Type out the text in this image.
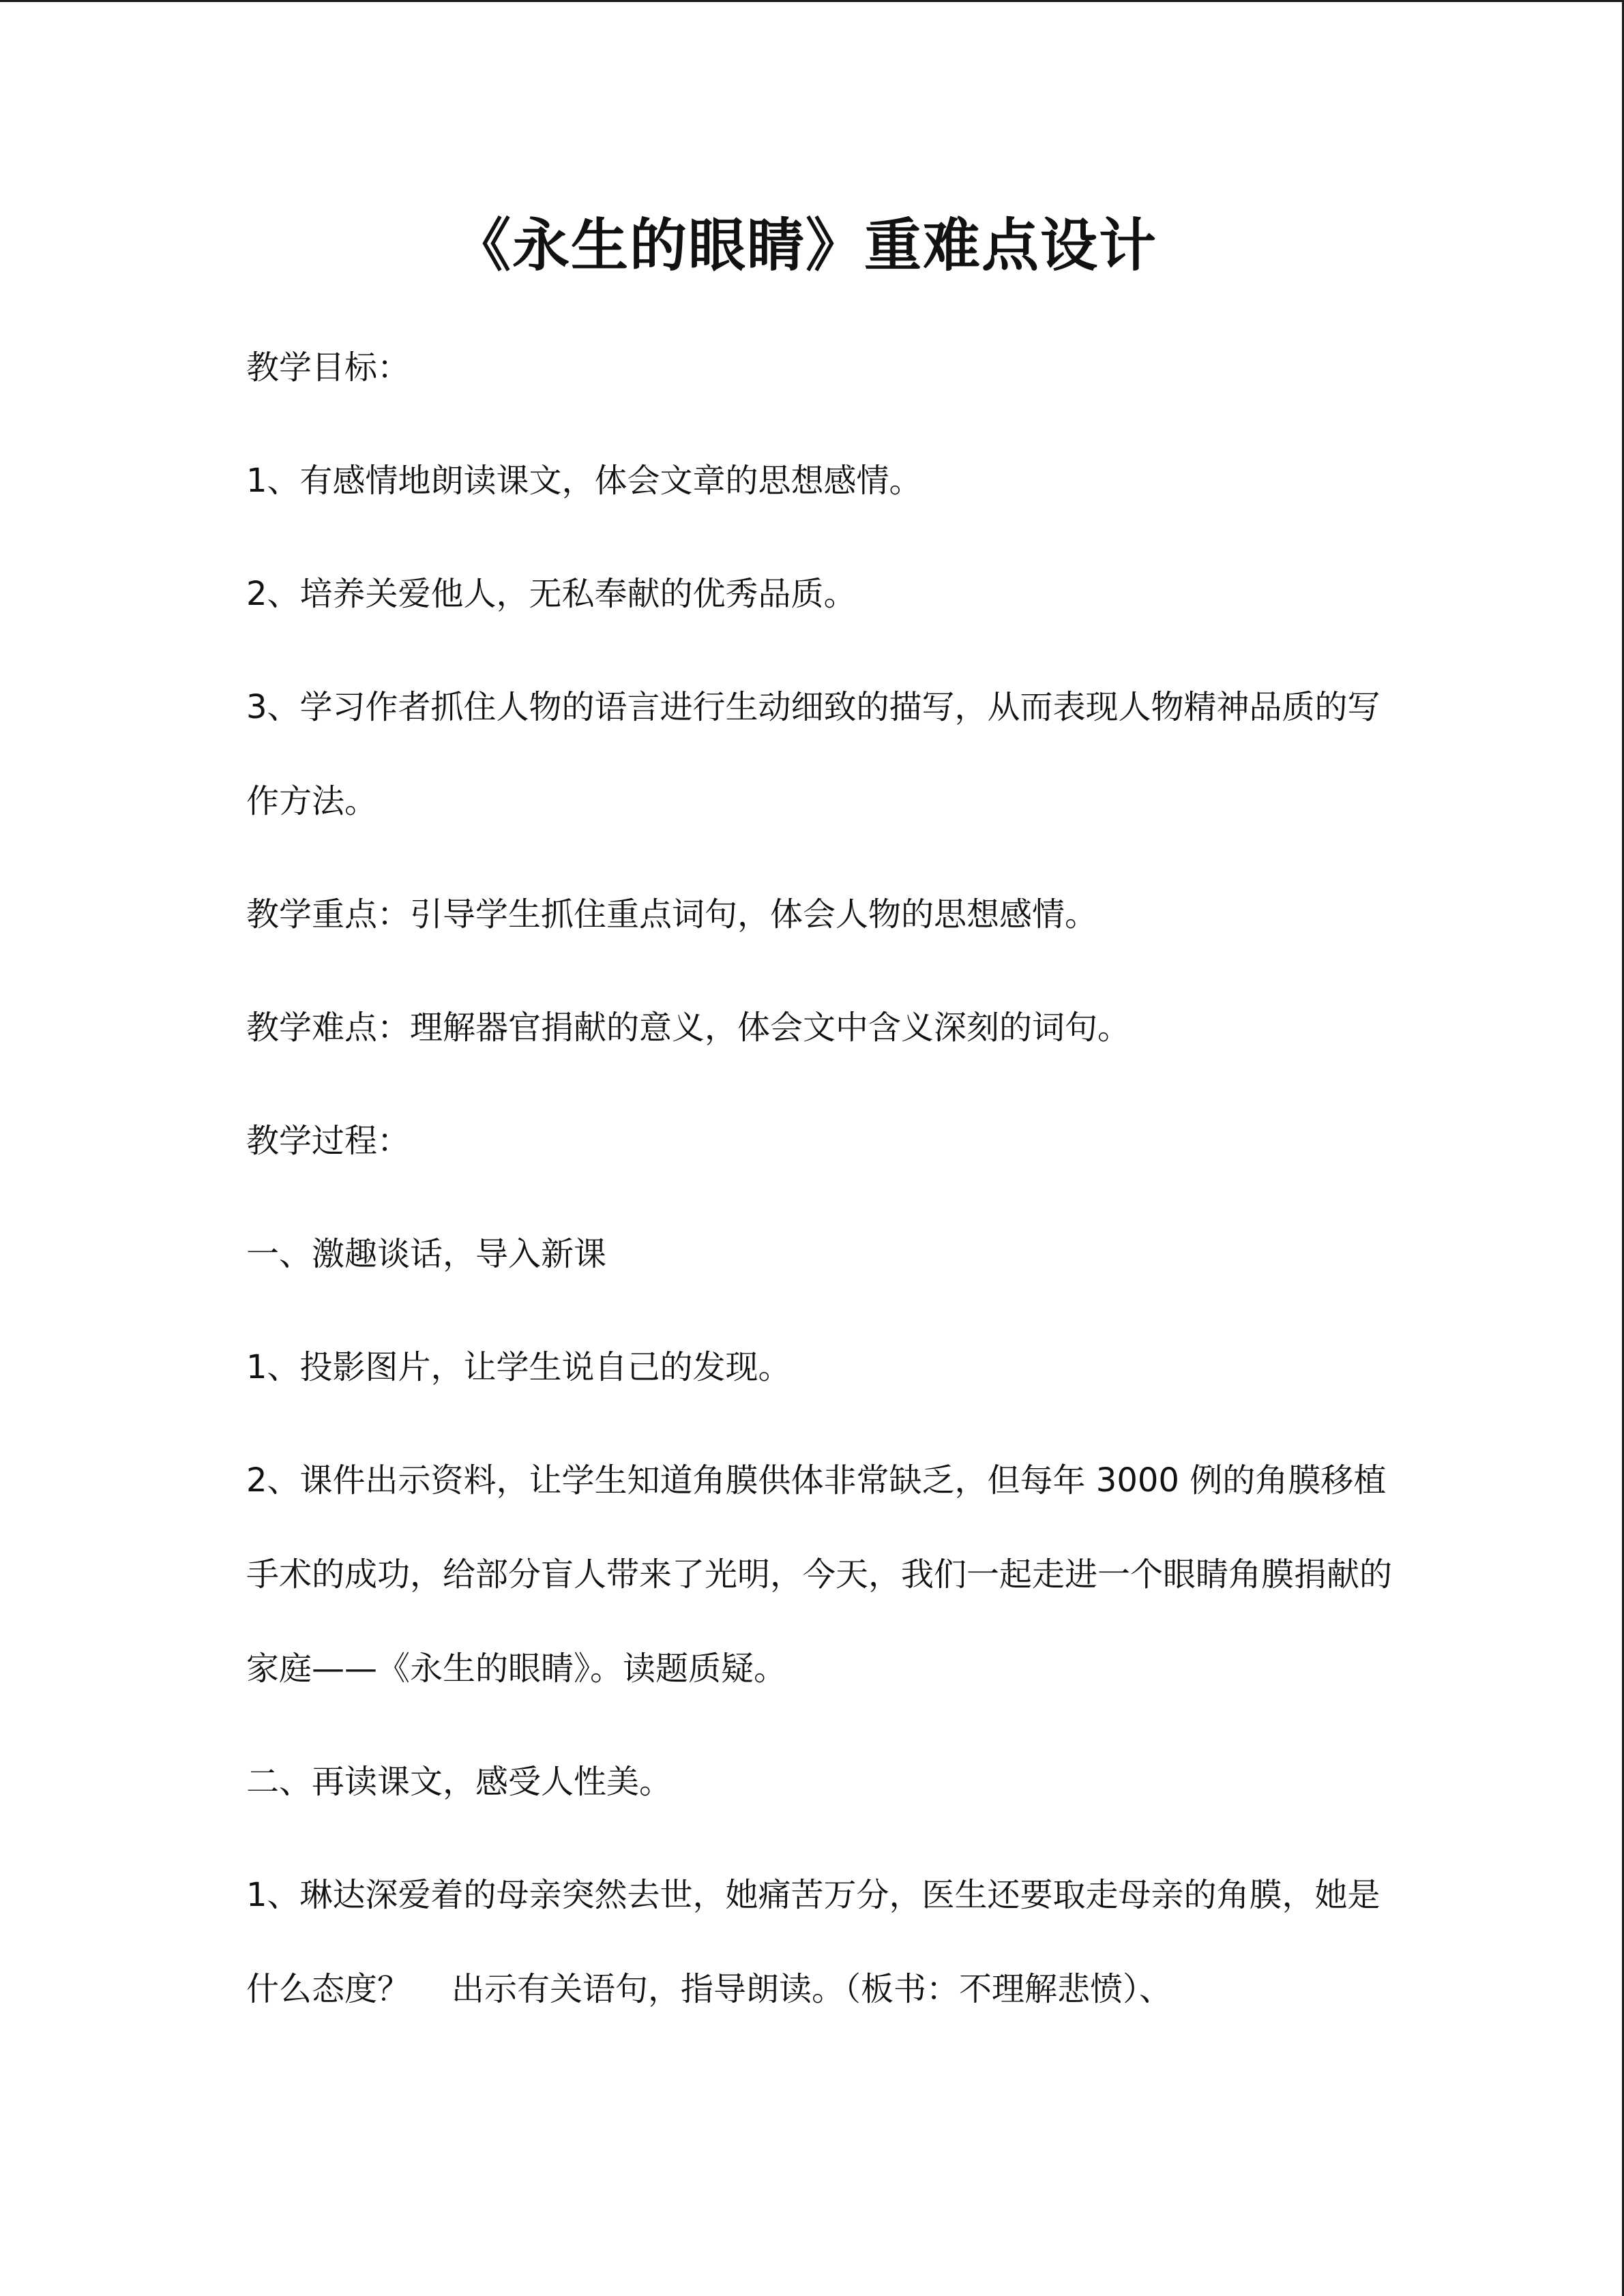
《永生的眼睛》重难点设计

教学目标：

1、有感情地朗读课文，体会文章的思想感情。

2、培养关爱他人，无私奉献的优秀品质。

3、学习作者抓住人物的语言进行生动细致的描写，从而表现人物精神品质的写作方法。

教学重点：引导学生抓住重点词句，体会人物的思想感情。

教学难点：理解器官捐献的意义，体会文中含义深刻的词句。

教学过程：

一、激趣谈话，导入新课

1、投影图片，让学生说自己的发现。

2、课件出示资料，让学生知道角膜供体非常缺乏，但每年 3000 例的角膜移植手术的成功，给部分盲人带来了光明，今天，我们一起走进一个眼睛角膜捐献的家庭——《永生的眼睛》。读题质疑。

二、再读课文，感受人性美。

1、琳达深爱着的母亲突然去世，她痛苦万分，医生还要取走母亲的角膜，她是什么态度？    出示有关语句，指导朗读。（板书：不理解悲愤）、
